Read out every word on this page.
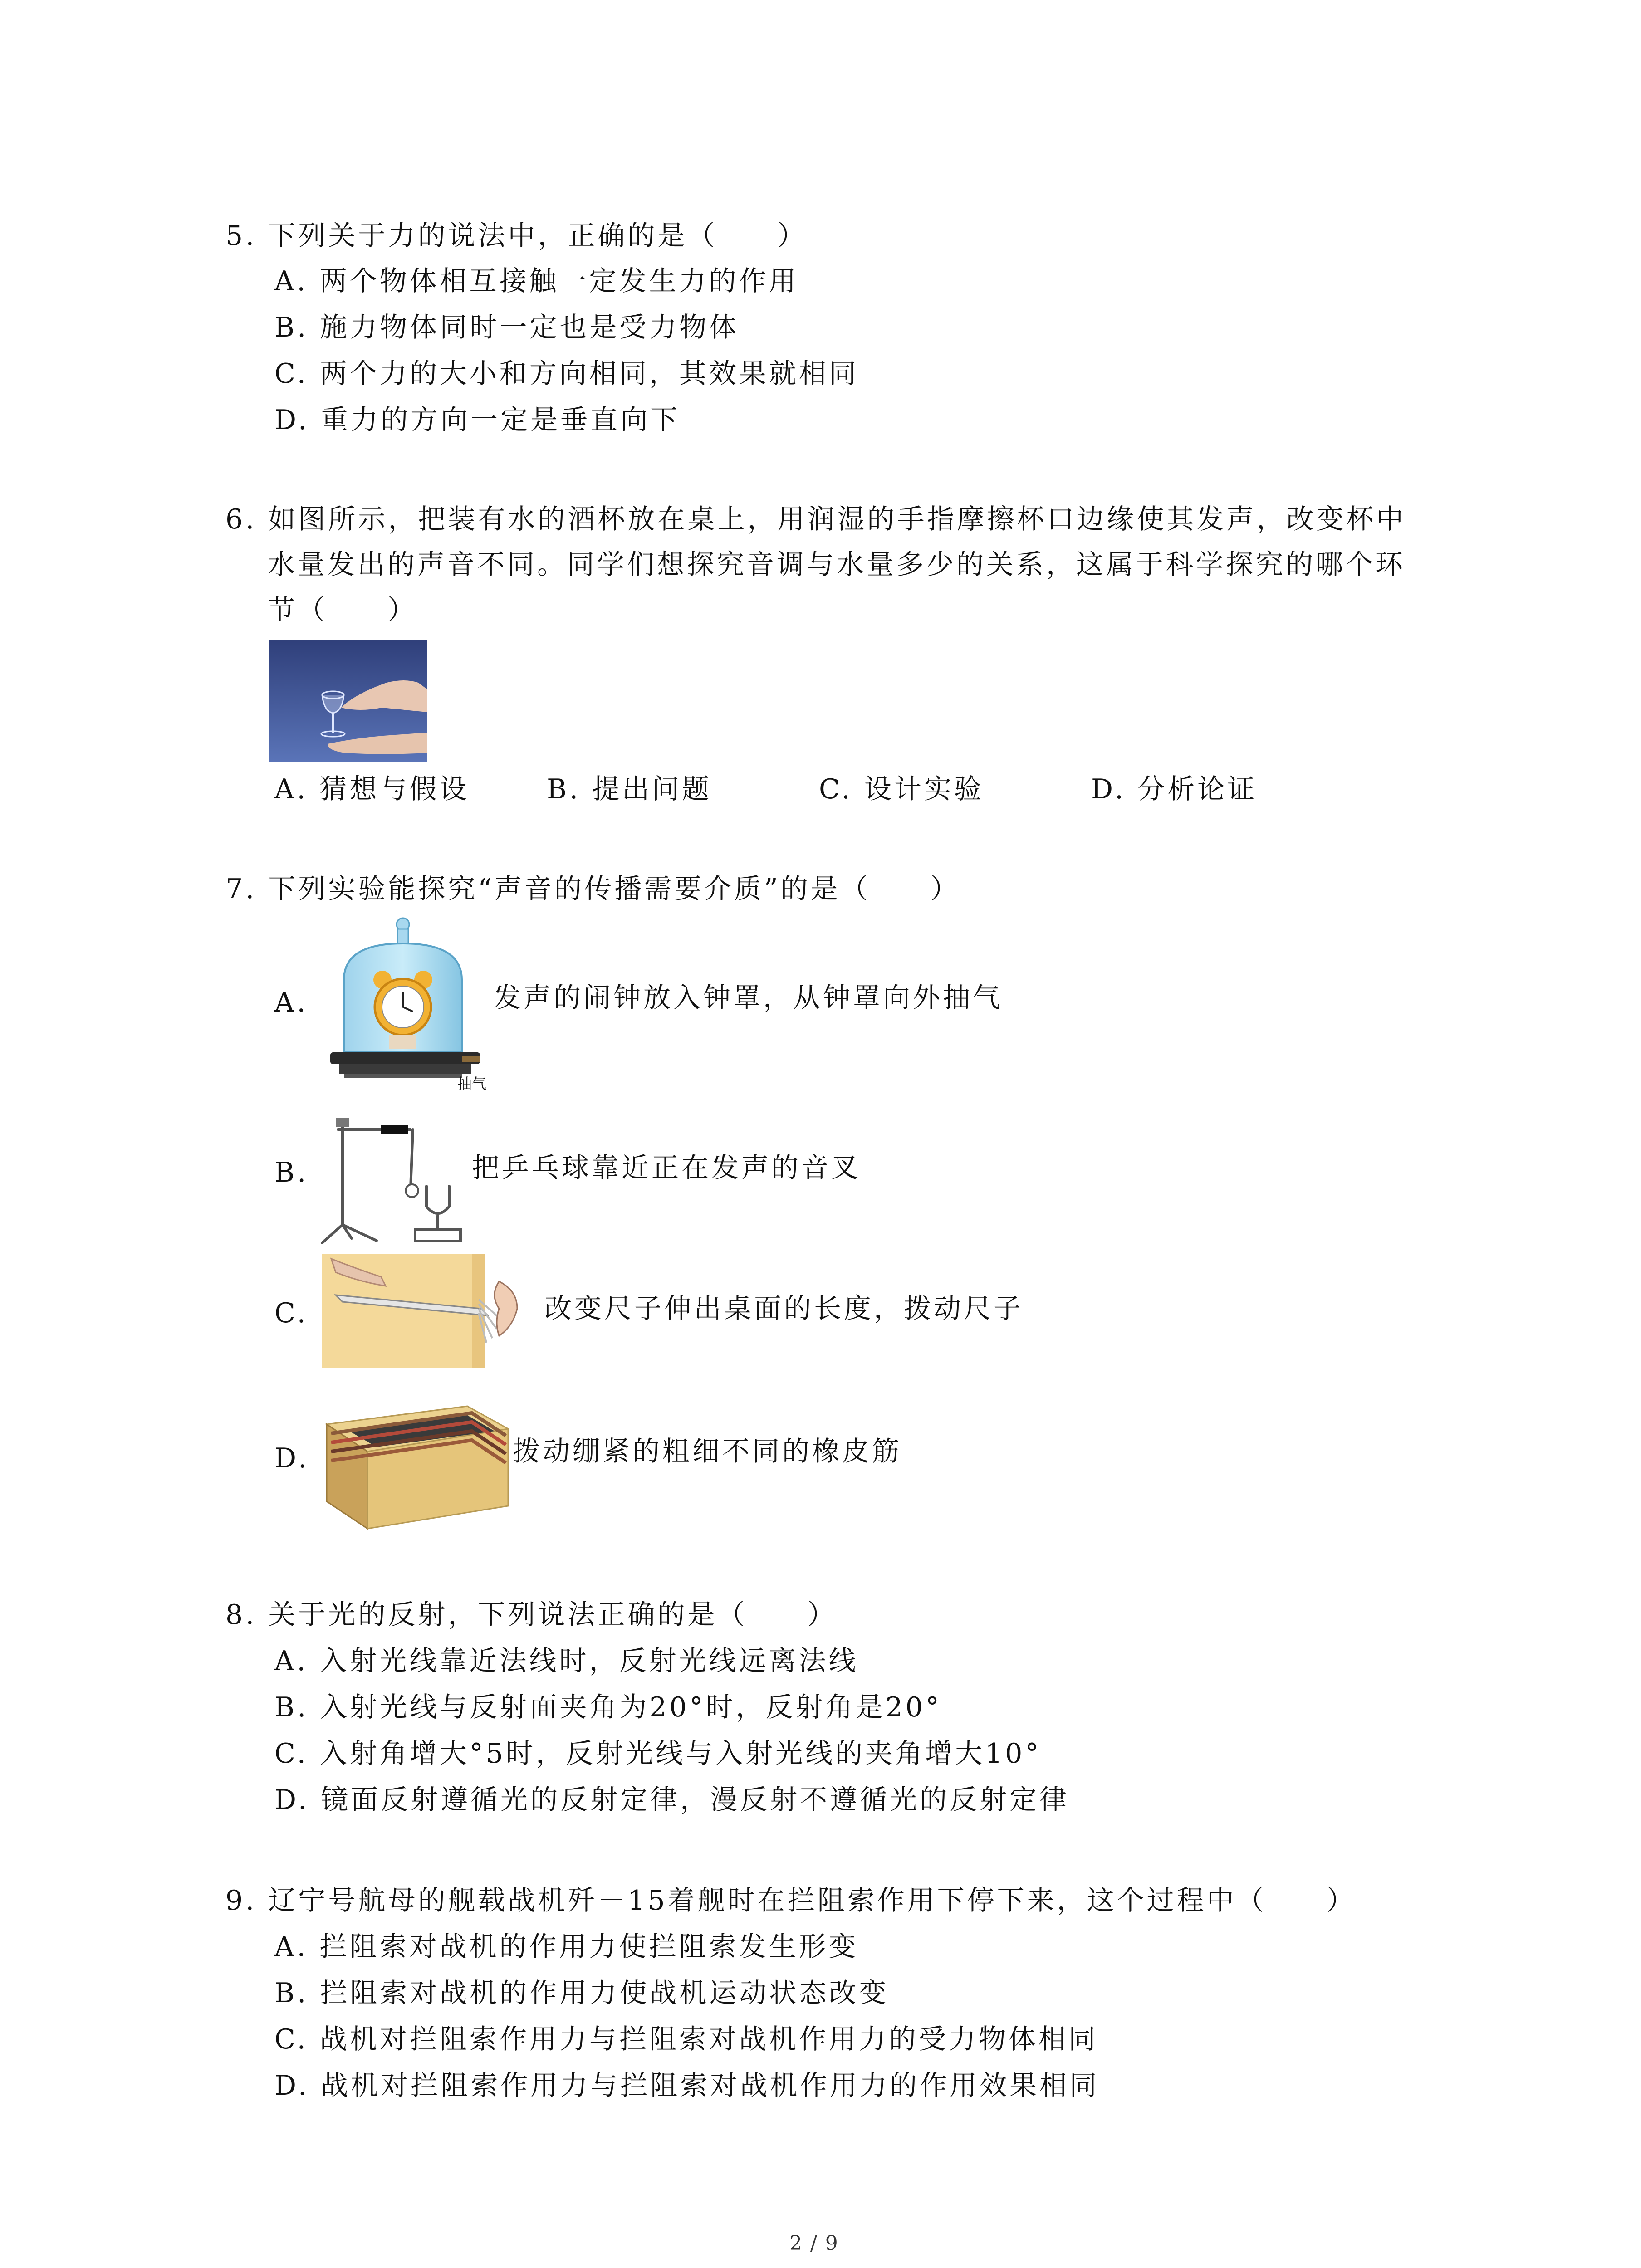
5. 下列关于力的说法中，正确的是（　　）
A. 两个物体相互接触一定发生力的作用
B. 施力物体同时一定也是受力物体
C. 两个力的大小和方向相同，其效果就相同
D. 重力的方向一定是垂直向下
6. 如图所示，把装有水的酒杯放在桌上，用润湿的手指摩擦杯口边缘使其发声，改变杯中
水量发出的声音不同。同学们想探究音调与水量多少的关系，这属于科学探究的哪个环
节（　　）
A. 猜想与假设	B. 提出问题	C. 设计实验	D. 分析论证
7. 下列实验能探究“声音的传播需要介质”的是（　　）
A.
抽气
发声的闹钟放入钟罩，从钟罩向外抽气
B.	把乒乓球靠近正在发声的音叉
C.	改变尺子伸出桌面的长度，拨动尺子
D.	拨动绷紧的粗细不同的橡皮筋
8. 关于光的反射，下列说法正确的是（　　）
A. 入射光线靠近法线时，反射光线远离法线
B. 入射光线与反射面夹角为20°时，反射角是20°
C. 入射角增大°5时，反射光线与入射光线的夹角增大10°
D. 镜面反射遵循光的反射定律，漫反射不遵循光的反射定律
9. 辽宁号航母的舰载战机歼－15着舰时在拦阻索作用下停下来，这个过程中（　　）
A. 拦阻索对战机的作用力使拦阻索发生形变
B. 拦阻索对战机的作用力使战机运动状态改变
C. 战机对拦阻索作用力与拦阻索对战机作用力的受力物体相同
D. 战机对拦阻索作用力与拦阻索对战机作用力的作用效果相同
2 / 9
